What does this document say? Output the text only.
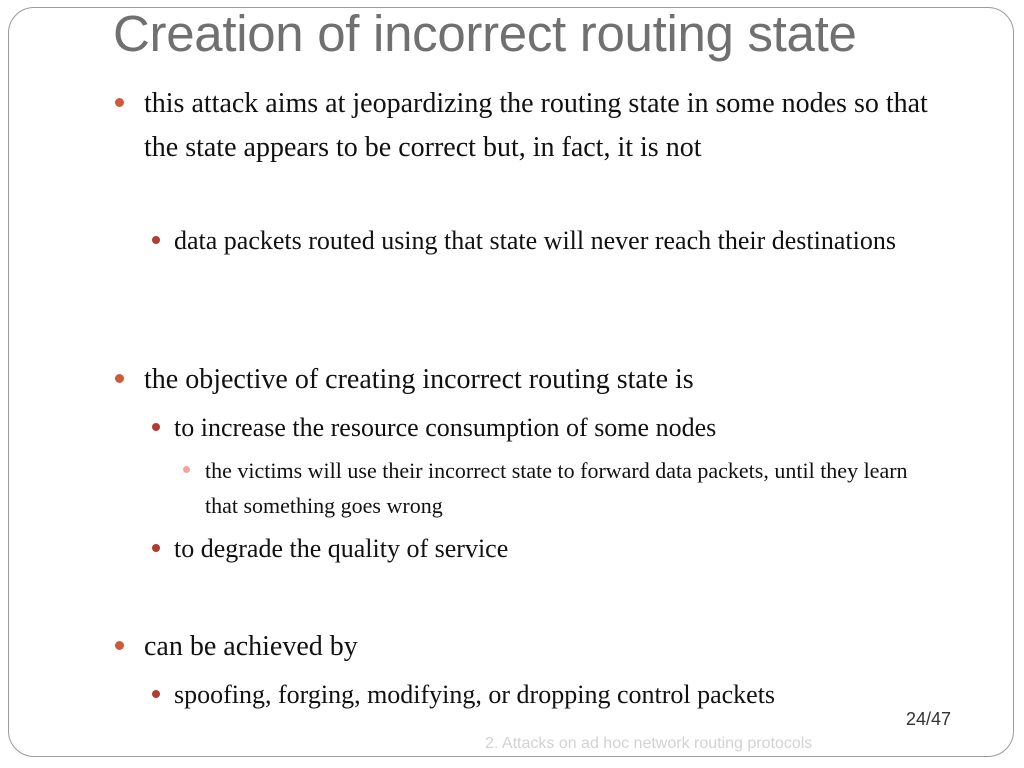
Creation of incorrect routing state

this attack aims at jeopardizing the routing state in some nodes so that the state appears to be correct but, in fact, it is not

data packets routed using that state will never reach their destinations

the objective of creating incorrect routing state is

to increase the resource consumption of some nodes

the victims will use their incorrect state to forward data packets, until they learn that something goes wrong

to degrade the quality of service

can be achieved by

spoofing, forging, modifying, or dropping control packets

24/47
2. Attacks on ad hoc network routing protocols
